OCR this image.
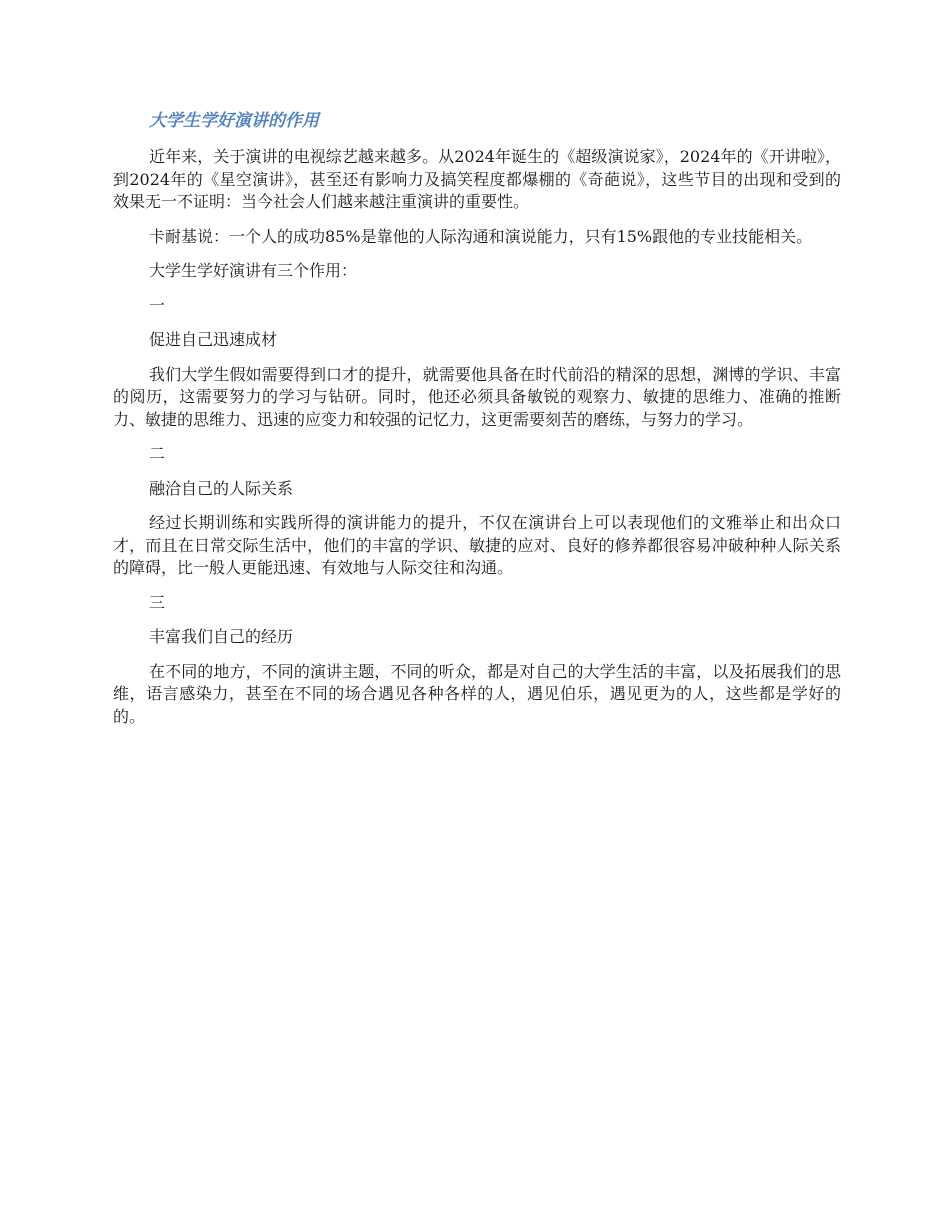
大学生学好演讲的作用

近年来，关于演讲的电视综艺越来越多。从2024年诞生的《超级演说家》，2024年的《开讲啦》，到2024年的《星空演讲》，甚至还有影响力及搞笑程度都爆棚的《奇葩说》，这些节目的出现和受到的效果无一不证明：当今社会人们越来越注重演讲的重要性。

卡耐基说：一个人的成功85%是靠他的人际沟通和演说能力，只有15%跟他的专业技能相关。

大学生学好演讲有三个作用：

一

促进自己迅速成材

我们大学生假如需要得到口才的提升，就需要他具备在时代前沿的精深的思想，渊博的学识、丰富的阅历，这需要努力的学习与钻研。同时，他还必须具备敏锐的观察力、敏捷的思维力、准确的推断力、敏捷的思维力、迅速的应变力和较强的记忆力，这更需要刻苦的磨练，与努力的学习。

二

融洽自己的人际关系

经过长期训练和实践所得的演讲能力的提升，不仅在演讲台上可以表现他们的文雅举止和出众口才，而且在日常交际生活中，他们的丰富的学识、敏捷的应对、良好的修养都很容易冲破种种人际关系的障碍，比一般人更能迅速、有效地与人际交往和沟通。

三

丰富我们自己的经历

在不同的地方，不同的演讲主题，不同的听众，都是对自己的大学生活的丰富，以及拓展我们的思维，语言感染力，甚至在不同的场合遇见各种各样的人，遇见伯乐，遇见更为的人，这些都是学好的的。
